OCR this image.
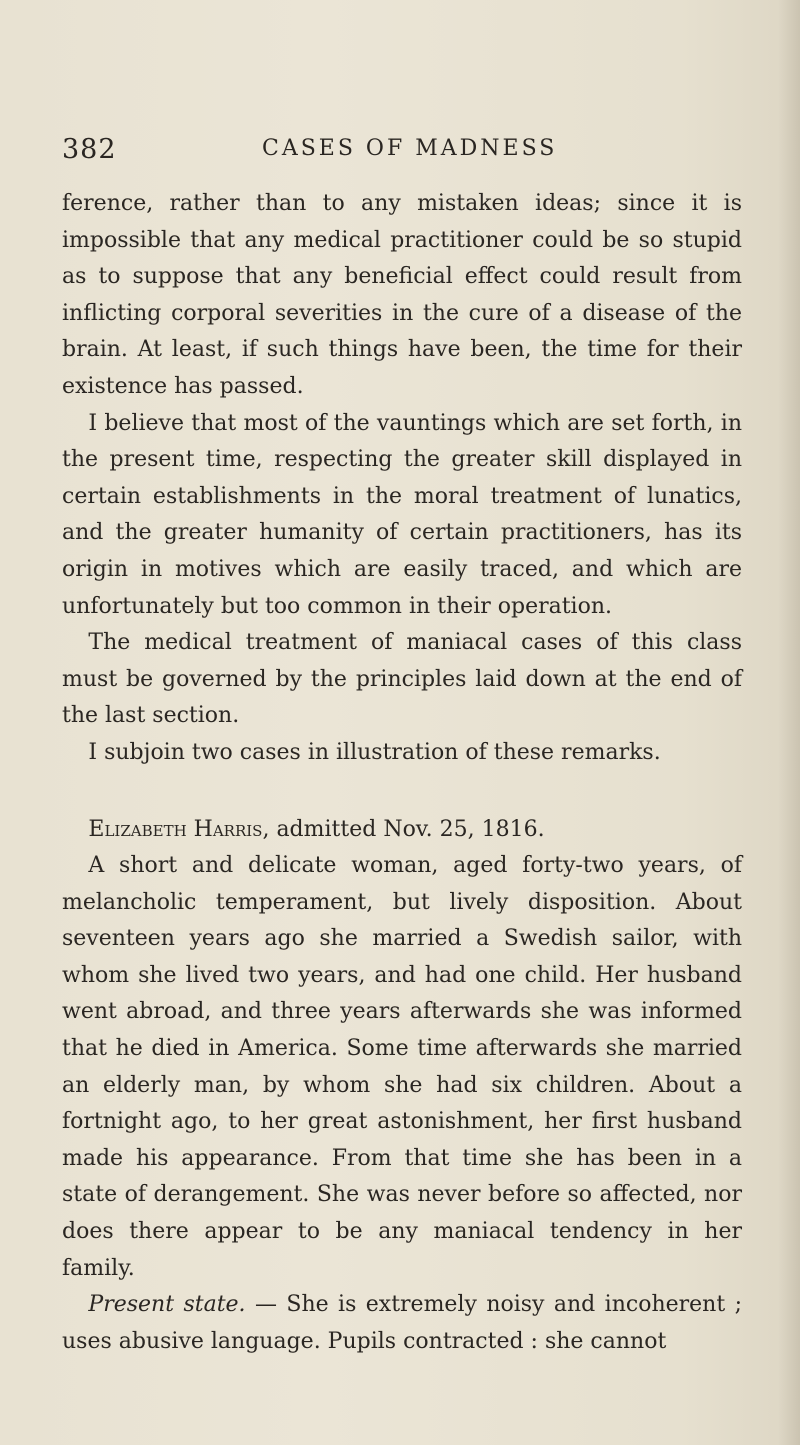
382	CASES OF MADNESS

ference, rather than to any mistaken ideas; since it is impossible that any medical practitioner could be so stupid as to suppose that any beneficial effect could result from inflicting corporal severities in the cure of a disease of the brain. At least, if such things have been, the time for their existence has passed.

I believe that most of the vauntings which are set forth, in the present time, respecting the greater skill displayed in certain establishments in the moral treatment of lunatics, and the greater humanity of certain practitioners, has its origin in motives which are easily traced, and which are unfortunately but too common in their operation.

The medical treatment of maniacal cases of this class must be governed by the principles laid down at the end of the last section.

I subjoin two cases in illustration of these remarks.

Elizabeth Harris, admitted Nov. 25, 1816.

A short and delicate woman, aged forty-two years, of melancholic temperament, but lively disposition. About seventeen years ago she married a Swedish sailor, with whom she lived two years, and had one child. Her husband went abroad, and three years afterwards she was informed that he died in America. Some time afterwards she married an elderly man, by whom she had six children. About a fortnight ago, to her great astonishment, her first husband made his appearance. From that time she has been in a state of derangement. She was never before so affected, nor does there appear to be any maniacal tendency in her family.

Present state. — She is extremely noisy and incoherent ; uses abusive language. Pupils contracted : she cannot
